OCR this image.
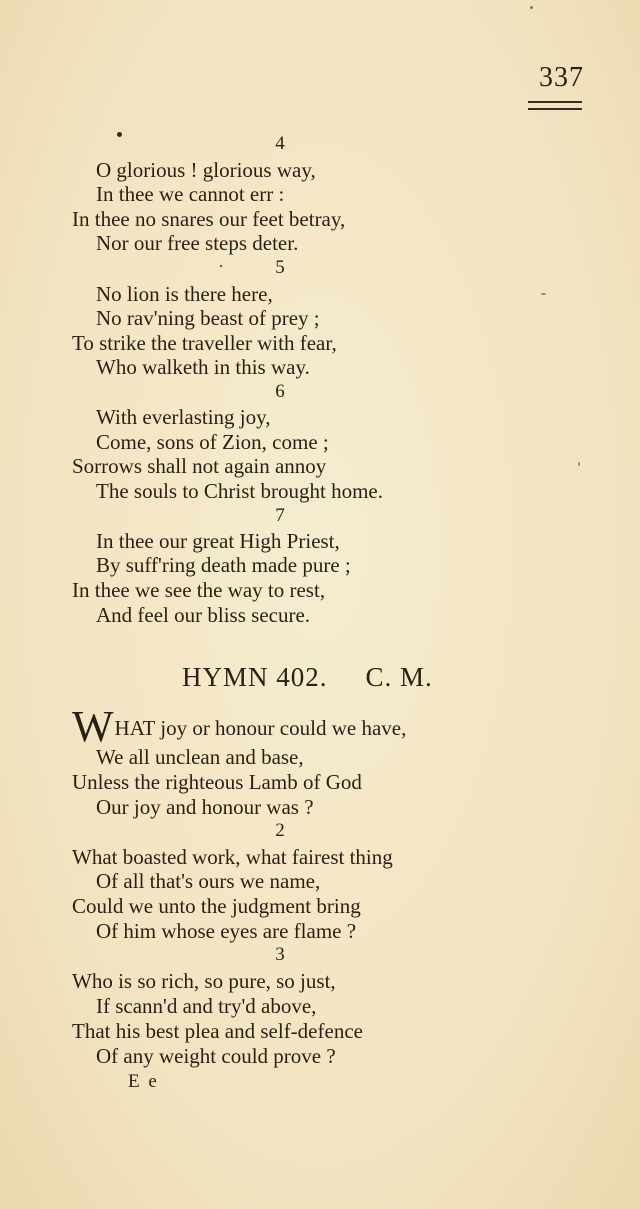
337
4
O glorious ! glorious way,
In thee we cannot err :
In thee no snares our feet betray,
Nor our free steps deter.
5
No lion is there here,
No rav'ning beast of prey ;
To strike the traveller with fear,
Who walketh in this way.
6
With everlasting joy,
Come, sons of Zion, come ;
Sorrows shall not again annoy
The souls to Christ brought home.
7
In thee our great High Priest,
By suff'ring death made pure ;
In thee we see the way to rest,
And feel our bliss secure.
HYMN 402. C. M.
WHAT joy or honour could we have,
We all unclean and base,
Unless the righteous Lamb of God
Our joy and honour was ?
2
What boasted work, what fairest thing
Of all that's ours we name,
Could we unto the judgment bring
Of him whose eyes are flame ?
3
Who is so rich, so pure, so just,
If scann'd and try'd above,
That his best plea and self-defence
Of any weight could prove ?
E e
